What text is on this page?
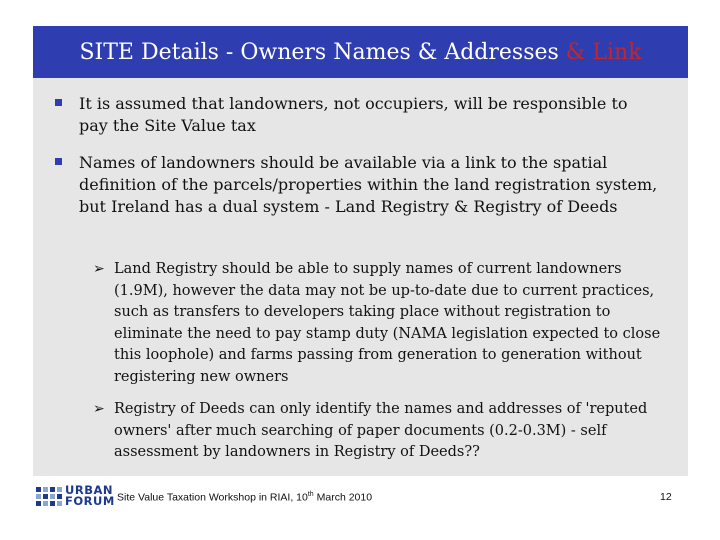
SITE Details - Owners Names & Addresses & Link
It is assumed that landowners, not occupiers, will be responsible to pay the Site Value tax
Names of landowners should be available via a link to the spatial definition of the parcels/properties within the land registration system, but Ireland has a dual system - Land Registry & Registry of Deeds
➢ Land Registry should be able to supply names of current landowners (1.9M), however the data may not be up-to-date due to current practices, such as transfers to developers taking place without registration to eliminate the need to pay stamp duty (NAMA legislation expected to close this loophole) and farms passing from generation to generation without registering new owners
➢ Registry of Deeds can only identify the names and addresses of 'reputed owners' after much searching of paper documents (0.2-0.3M) - self assessment by landowners in Registry of Deeds??
URBAN
FORUM Site Value Taxation Workshop in RIAI, 10th March 2010	12
